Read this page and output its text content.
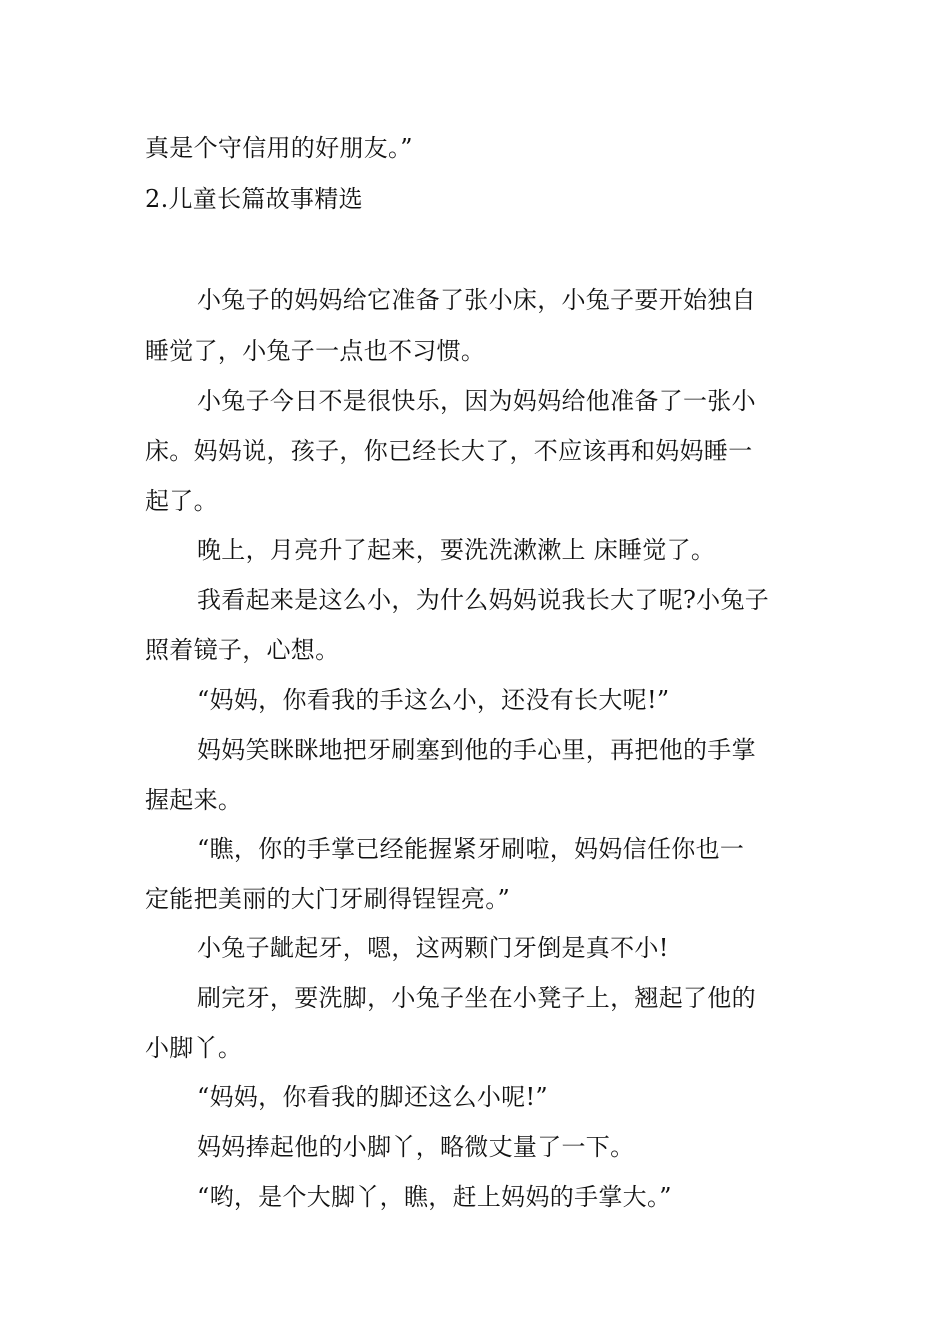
真是个守信用的好朋友。”
2.儿童长篇故事精选
小兔子的妈妈给它准备了张小床，小兔子要开始独自
睡觉了，小兔子一点也不习惯。
小兔子今日不是很快乐，因为妈妈给他准备了一张小
床。妈妈说，孩子，你已经长大了，不应该再和妈妈睡一
起了。
晚上，月亮升了起来，要洗洗漱漱上 床睡觉了。
我看起来是这么小，为什么妈妈说我长大了呢?小兔子
照着镜子，心想。
“妈妈，你看我的手这么小，还没有长大呢!”
妈妈笑眯眯地把牙刷塞到他的手心里，再把他的手掌
握起来。
“瞧，你的手掌已经能握紧牙刷啦，妈妈信任你也一
定能把美丽的大门牙刷得锃锃亮。”
小兔子龇起牙，嗯，这两颗门牙倒是真不小!
刷完牙，要洗脚，小兔子坐在小凳子上，翘起了他的
小脚丫。
“妈妈，你看我的脚还这么小呢!”
妈妈捧起他的小脚丫，略微丈量了一下。
“哟，是个大脚丫，瞧，赶上妈妈的手掌大。”
